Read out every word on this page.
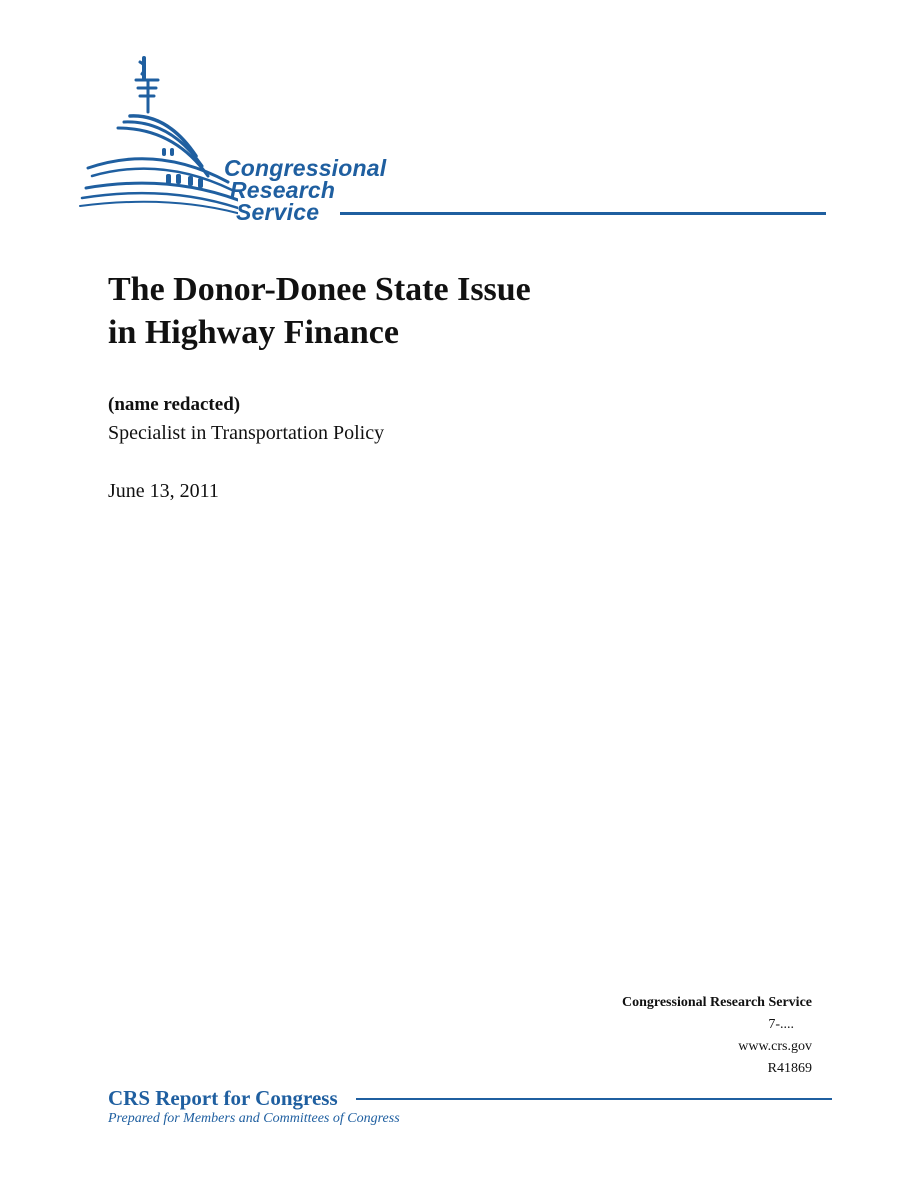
Congressional
Research
Service
The Donor-Donee State Issue
in Highway Finance
(name redacted)
Specialist in Transportation Policy
June 13, 2011
Congressional Research Service
7-....
www.crs.gov
R41869
CRS Report for Congress
Prepared for Members and Committees of Congress
